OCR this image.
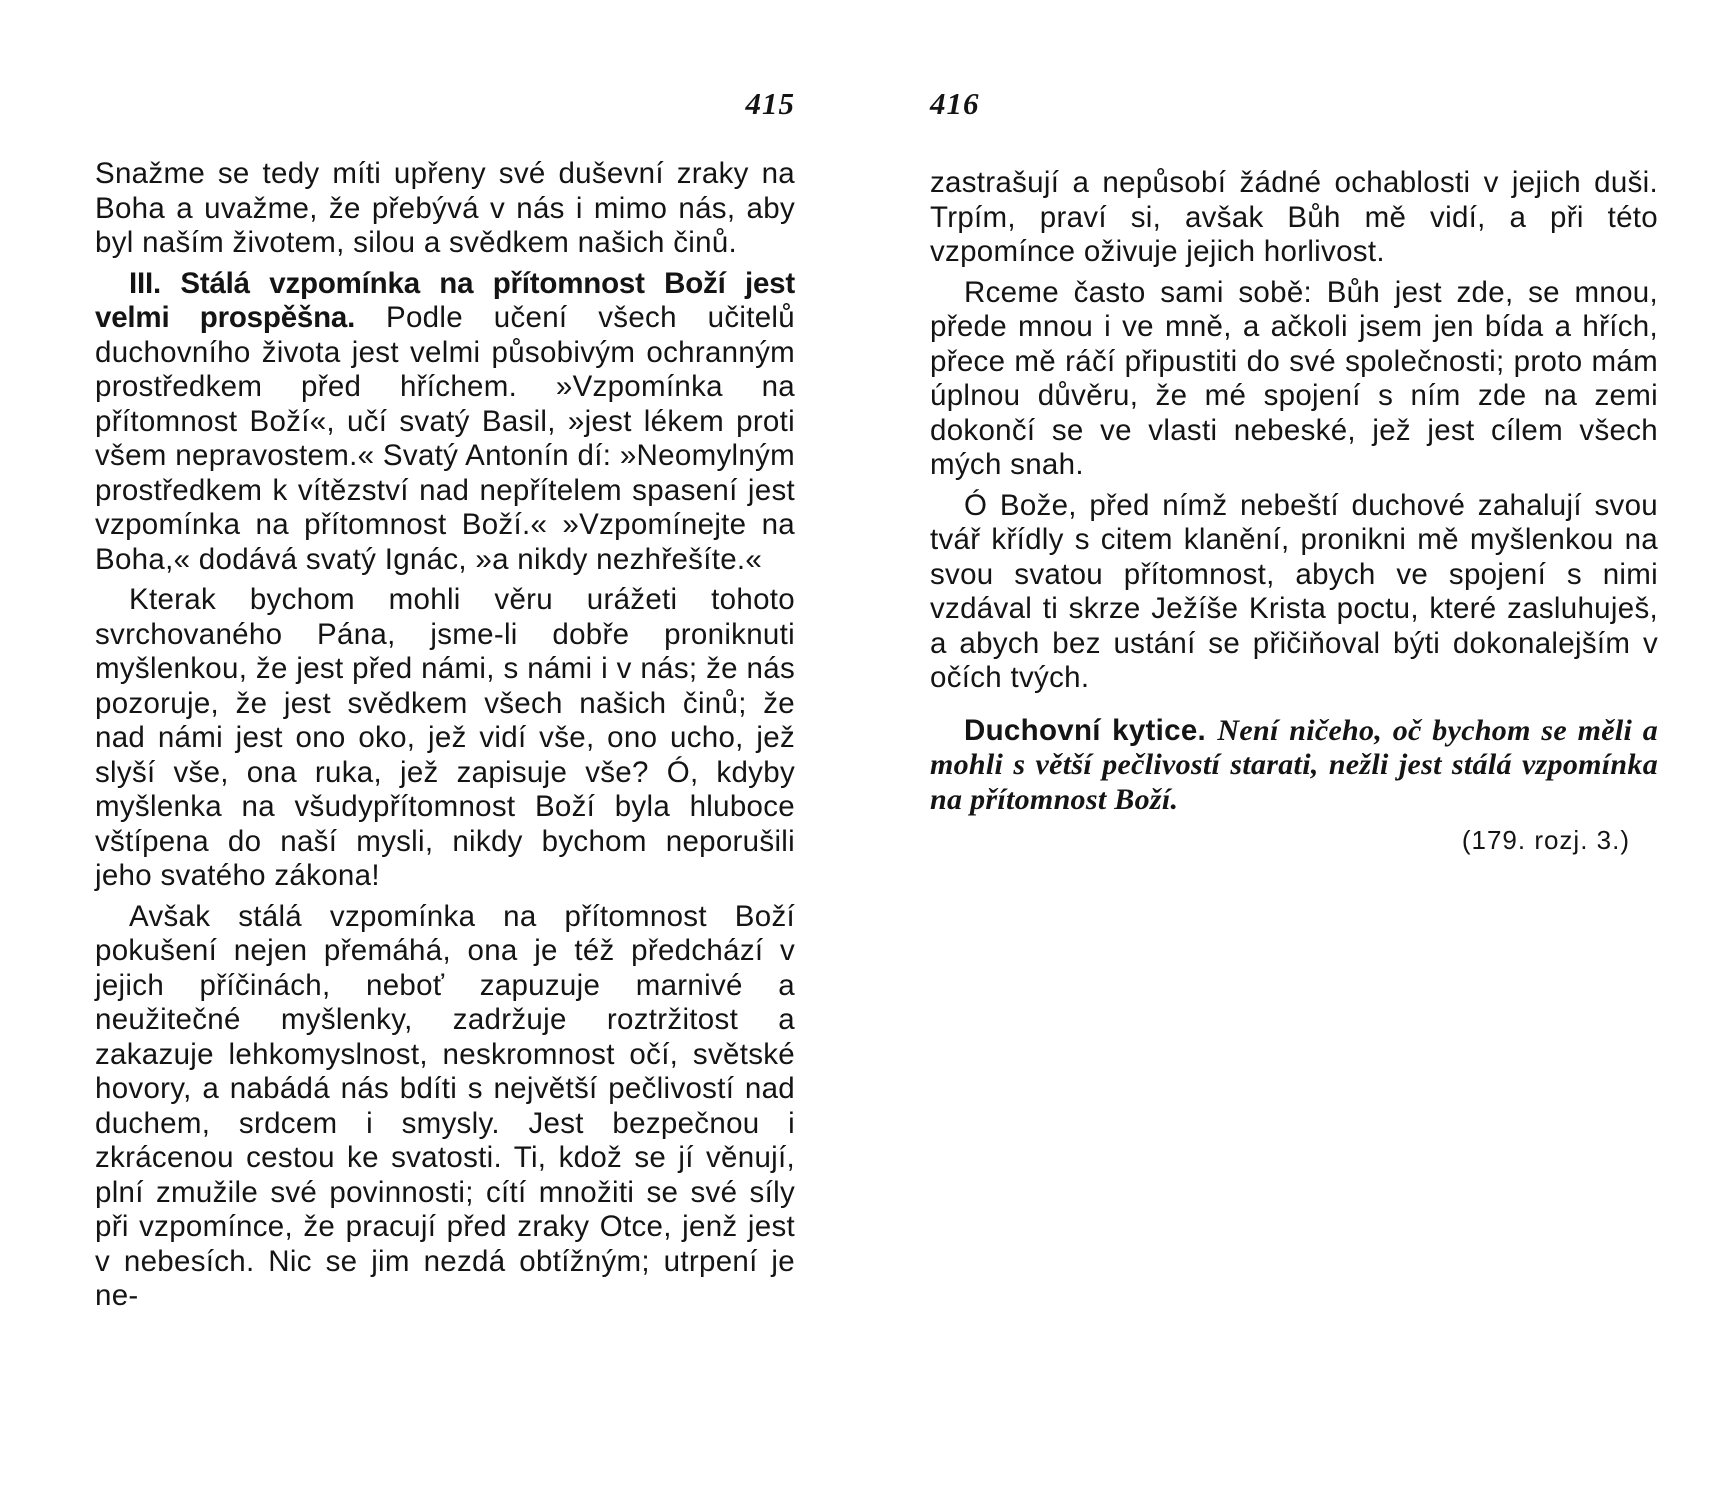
415

Snažme se tedy míti upřeny své duševní zraky na Boha a uvažme, že přebývá v nás i mimo nás, aby byl naším životem, silou a svědkem našich činů.

III. Stálá vzpomínka na přítomnost Boží jest velmi prospěšna. Podle učení všech učitelů duchovního života jest velmi působivým ochranným prostředkem před hříchem. »Vzpomínka na přítomnost Boží«, učí svatý Basil, »jest lékem proti všem nepravostem.« Svatý Antonín dí: »Neomylným prostředkem k vítězství nad nepřítelem spasení jest vzpomínka na přítomnost Boží.« »Vzpomínejte na Boha,« dodává svatý Ignác, »a nikdy nezhřešíte.«

Kterak bychom mohli věru urážeti tohoto svrchovaného Pána, jsme-li dobře proniknuti myšlenkou, že jest před námi, s námi i v nás; že nás pozoruje, že jest svědkem všech našich činů; že nad námi jest ono oko, jež vidí vše, ono ucho, jež slyší vše, ona ruka, jež zapisuje vše? Ó, kdyby myšlenka na všudypřítomnost Boží byla hluboce vštípena do naší mysli, nikdy bychom neporušili jeho svatého zákona!

Avšak stálá vzpomínka na přítomnost Boží pokušení nejen přemáhá, ona je též předchází v jejich příčinách, neboť zapuzuje marnivé a neužitečné myšlenky, zadržuje roztržitost a zakazuje lehkomyslnost, neskromnost očí, světské hovory, a nabádá nás bdíti s největší pečlivostí nad duchem, srdcem i smysly. Jest bezpečnou i zkrácenou cestou ke svatosti. Ti, kdož se jí věnují, plní zmužile své povinnosti; cítí množiti se své síly při vzpomínce, že pracují před zraky Otce, jenž jest v nebesích. Nic se jim nezdá obtížným; utrpení je ne-

416

zastrašují a nepůsobí žádné ochablosti v jejich duši. Trpím, praví si, avšak Bůh mě vidí, a při této vzpomínce oživuje jejich horlivost.

Rceme často sami sobě: Bůh jest zde, se mnou, přede mnou i ve mně, a ačkoli jsem jen bída a hřích, přece mě ráčí připustiti do své společnosti; proto mám úplnou důvěru, že mé spojení s ním zde na zemi dokončí se ve vlasti nebeské, jež jest cílem všech mých snah.

Ó Bože, před nímž nebeští duchové zahalují svou tvář křídly s citem klanění, pronikni mě myšlenkou na svou svatou přítomnost, abych ve spojení s nimi vzdával ti skrze Ježíše Krista poctu, které zasluhuješ, a abych bez ustání se přičiňoval býti dokonalejším v očích tvých.

Duchovní kytice. Není ničeho, oč bychom se měli a mohli s větší pečlivostí starati, nežli jest stálá vzpomínka na přítomnost Boží.

(179. rozj. 3.)
